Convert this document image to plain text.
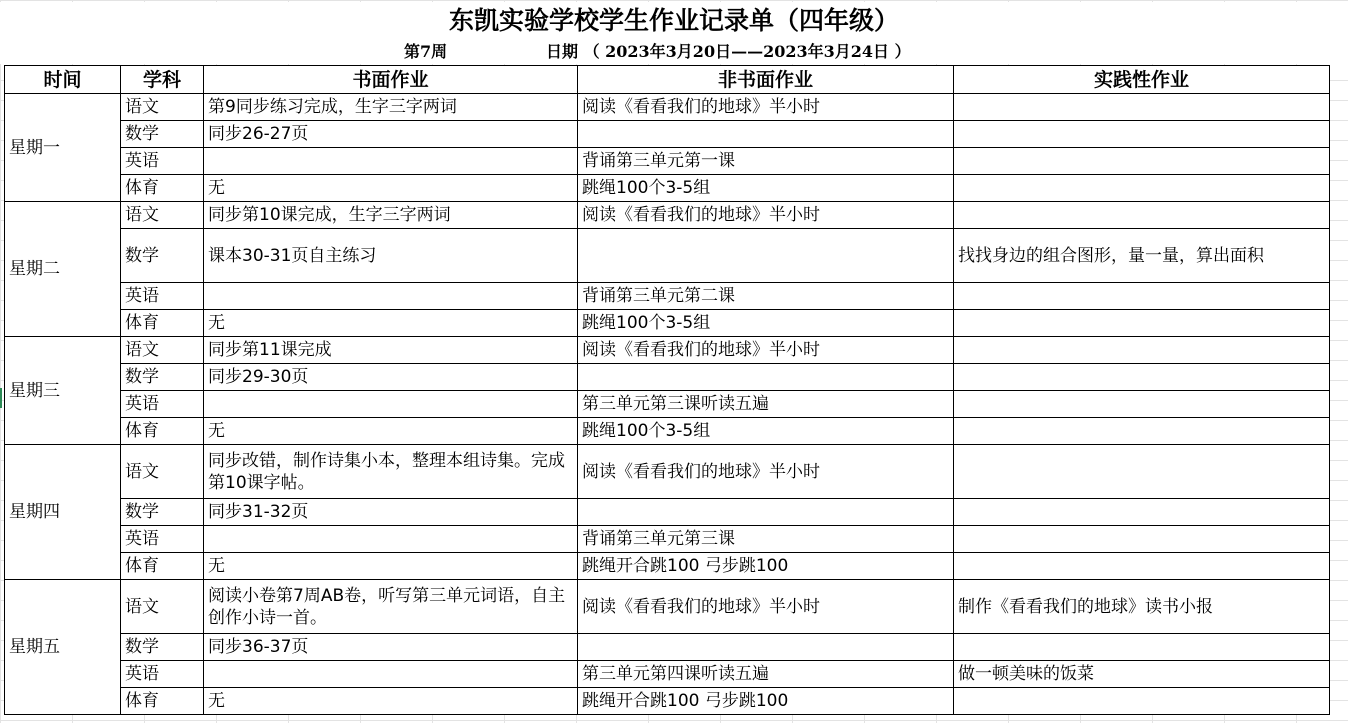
东凯实验学校学生作业记录单（四年级）
第7周	日期 （ 2023年3月20日——2023年3月24日 ）
时间	学科	书面作业	非书面作业	实践性作业
星期一	语文	第9同步练习完成，生字三字两词	阅读《看看我们的地球》半小时	
	数学	同步26-27页		
	英语		背诵第三单元第一课	
	体育	无	跳绳100个3-5组	
星期二	语文	同步第10课完成，生字三字两词	阅读《看看我们的地球》半小时	
	数学	课本30-31页自主练习		找找身边的组合图形，量一量，算出面积
	英语		背诵第三单元第二课	
	体育	无	跳绳100个3-5组	
星期三	语文	同步第11课完成	阅读《看看我们的地球》半小时	
	数学	同步29-30页		
	英语		第三单元第三课听读五遍	
	体育	无	跳绳100个3-5组	
星期四	语文	同步改错，制作诗集小本，整理本组诗集。完成第10课字帖。	阅读《看看我们的地球》半小时	
	数学	同步31-32页		
	英语		背诵第三单元第三课	
	体育	无	跳绳开合跳100 弓步跳100	
星期五	语文	阅读小卷第7周AB卷，听写第三单元词语，自主创作小诗一首。	阅读《看看我们的地球》半小时	制作《看看我们的地球》读书小报
	数学	同步36-37页		
	英语		第三单元第四课听读五遍	做一顿美味的饭菜
	体育	无	跳绳开合跳100 弓步跳100	
